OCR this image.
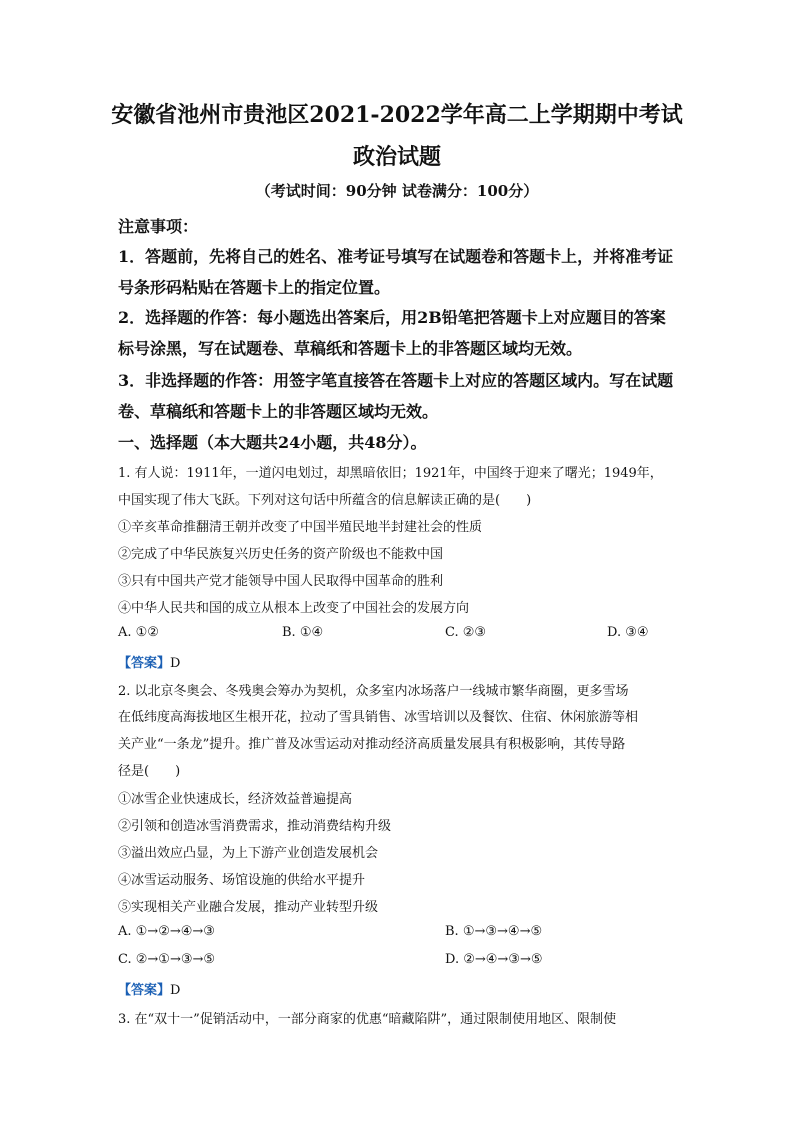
安徽省池州市贵池区2021-2022学年高二上学期期中考试
政治试题
（考试时间：90分钟 试卷满分：100分）
注意事项：
1．答题前，先将自己的姓名、准考证号填写在试题卷和答题卡上，并将准考证
号条形码粘贴在答题卡上的指定位置。
2．选择题的作答：每小题选出答案后，用2B铅笔把答题卡上对应题目的答案
标号涂黑，写在试题卷、草稿纸和答题卡上的非答题区域均无效。
3．非选择题的作答：用签字笔直接答在答题卡上对应的答题区域内。写在试题
卷、草稿纸和答题卡上的非答题区域均无效。
一、选择题（本大题共24小题，共48分）。
1. 有人说：1911年，一道闪电划过，却黑暗依旧；1921年，中国终于迎来了曙光；1949年，
中国实现了伟大飞跃。下列对这句话中所蕴含的信息解读正确的是(　　)
①辛亥革命推翻清王朝并改变了中国半殖民地半封建社会的性质
②完成了中华民族复兴历史任务的资产阶级也不能救中国
③只有中国共产党才能领导中国人民取得中国革命的胜利
④中华人民共和国的成立从根本上改变了中国社会的发展方向
A. ①②	B. ①④	C. ②③	D. ③④
【答案】D
2. 以北京冬奥会、冬残奥会筹办为契机，众多室内冰场落户一线城市繁华商圈，更多雪场
在低纬度高海拔地区生根开花，拉动了雪具销售、冰雪培训以及餐饮、住宿、休闲旅游等相
关产业“一条龙”提升。推广普及冰雪运动对推动经济高质量发展具有积极影响，其传导路
径是(　　)
①冰雪企业快速成长，经济效益普遍提高
②引领和创造冰雪消费需求，推动消费结构升级
③溢出效应凸显，为上下游产业创造发展机会
④冰雪运动服务、场馆设施的供给水平提升
⑤实现相关产业融合发展，推动产业转型升级
A. ①→②→④→③	B. ①→③→④→⑤
C. ②→①→③→⑤	D. ②→④→③→⑤
【答案】D
3. 在“双十一”促销活动中，一部分商家的优惠“暗藏陷阱”，通过限制使用地区、限制使
